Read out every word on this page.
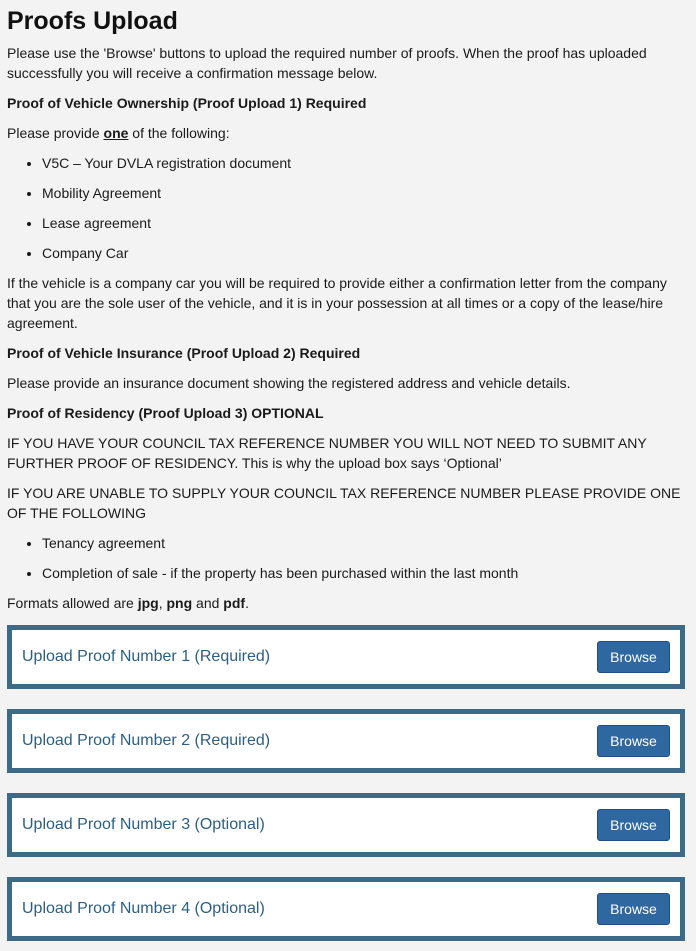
Proofs Upload

Please use the 'Browse' buttons to upload the required number of proofs. When the proof has uploaded successfully you will receive a confirmation message below.

Proof of Vehicle Ownership (Proof Upload 1) Required

Please provide one of the following:

• V5C – Your DVLA registration document
• Mobility Agreement
• Lease agreement
• Company Car

If the vehicle is a company car you will be required to provide either a confirmation letter from the company that you are the sole user of the vehicle, and it is in your possession at all times or a copy of the lease/hire agreement.

Proof of Vehicle Insurance (Proof Upload 2) Required

Please provide an insurance document showing the registered address and vehicle details.

Proof of Residency (Proof Upload 3) OPTIONAL

IF YOU HAVE YOUR COUNCIL TAX REFERENCE NUMBER YOU WILL NOT NEED TO SUBMIT ANY FURTHER PROOF OF RESIDENCY. This is why the upload box says ‘Optional’

IF YOU ARE UNABLE TO SUPPLY YOUR COUNCIL TAX REFERENCE NUMBER PLEASE PROVIDE ONE OF THE FOLLOWING

• Tenancy agreement
• Completion of sale - if the property has been purchased within the last month

Formats allowed are jpg, png and pdf.

Upload Proof Number 1 (Required)	Browse
Upload Proof Number 2 (Required)	Browse
Upload Proof Number 3 (Optional)	Browse
Upload Proof Number 4 (Optional)	Browse
